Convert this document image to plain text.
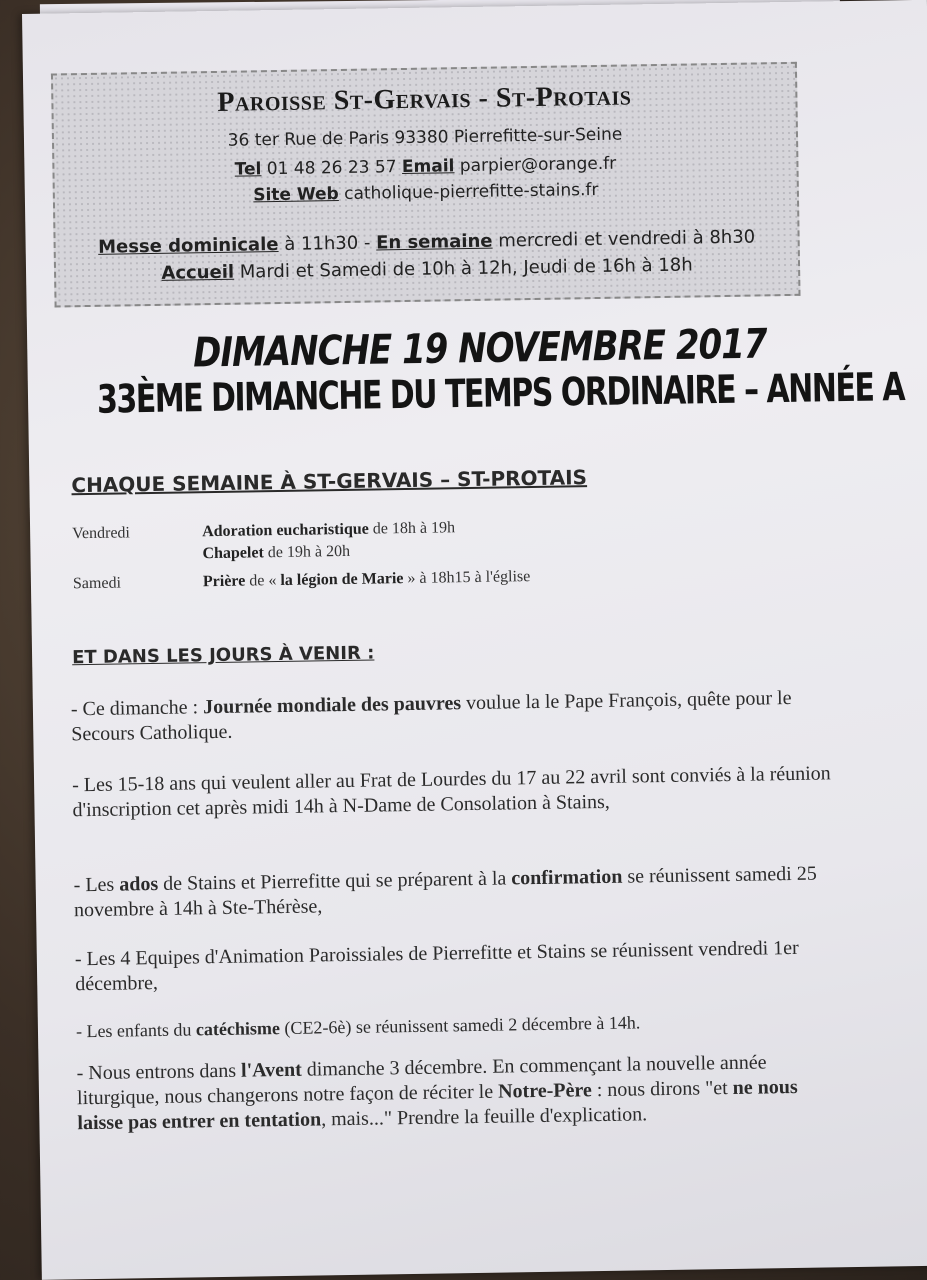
Paroisse St-Gervais - St-Protais
36 ter Rue de Paris 93380 Pierrefitte-sur-Seine
Tel 01 48 26 23 57 Email parpier@orange.fr
Site Web catholique-pierrefitte-stains.fr
Messe dominicale à 11h30 - En semaine mercredi et vendredi à 8h30
Accueil Mardi et Samedi de 10h à 12h, Jeudi de 16h à 18h
DIMANCHE 19 NOVEMBRE 2017
33ÈME DIMANCHE DU TEMPS ORDINAIRE – ANNÉE A
CHAQUE SEMAINE À ST-GERVAIS – ST-PROTAIS
Vendredi	Adoration eucharistique de 18h à 19h
Chapelet de 19h à 20h
Samedi	Prière de « la légion de Marie » à 18h15 à l'église
ET DANS LES JOURS À VENIR :
- Ce dimanche : Journée mondiale des pauvres voulue la le Pape François, quête pour le Secours Catholique.
- Les 15-18 ans qui veulent aller au Frat de Lourdes du 17 au 22 avril sont conviés à la réunion d'inscription cet après midi 14h à N-Dame de Consolation à Stains,
- Les ados de Stains et Pierrefitte qui se préparent à la confirmation se réunissent samedi 25 novembre à 14h à Ste-Thérèse,
- Les 4 Equipes d'Animation Paroissiales de Pierrefitte et Stains se réunissent vendredi 1er décembre,
- Les enfants du catéchisme (CE2-6è) se réunissent samedi 2 décembre à 14h.
- Nous entrons dans l'Avent dimanche 3 décembre. En commençant la nouvelle année liturgique, nous changerons notre façon de réciter le Notre-Père : nous dirons "et ne nous laisse pas entrer en tentation, mais..." Prendre la feuille d'explication.
